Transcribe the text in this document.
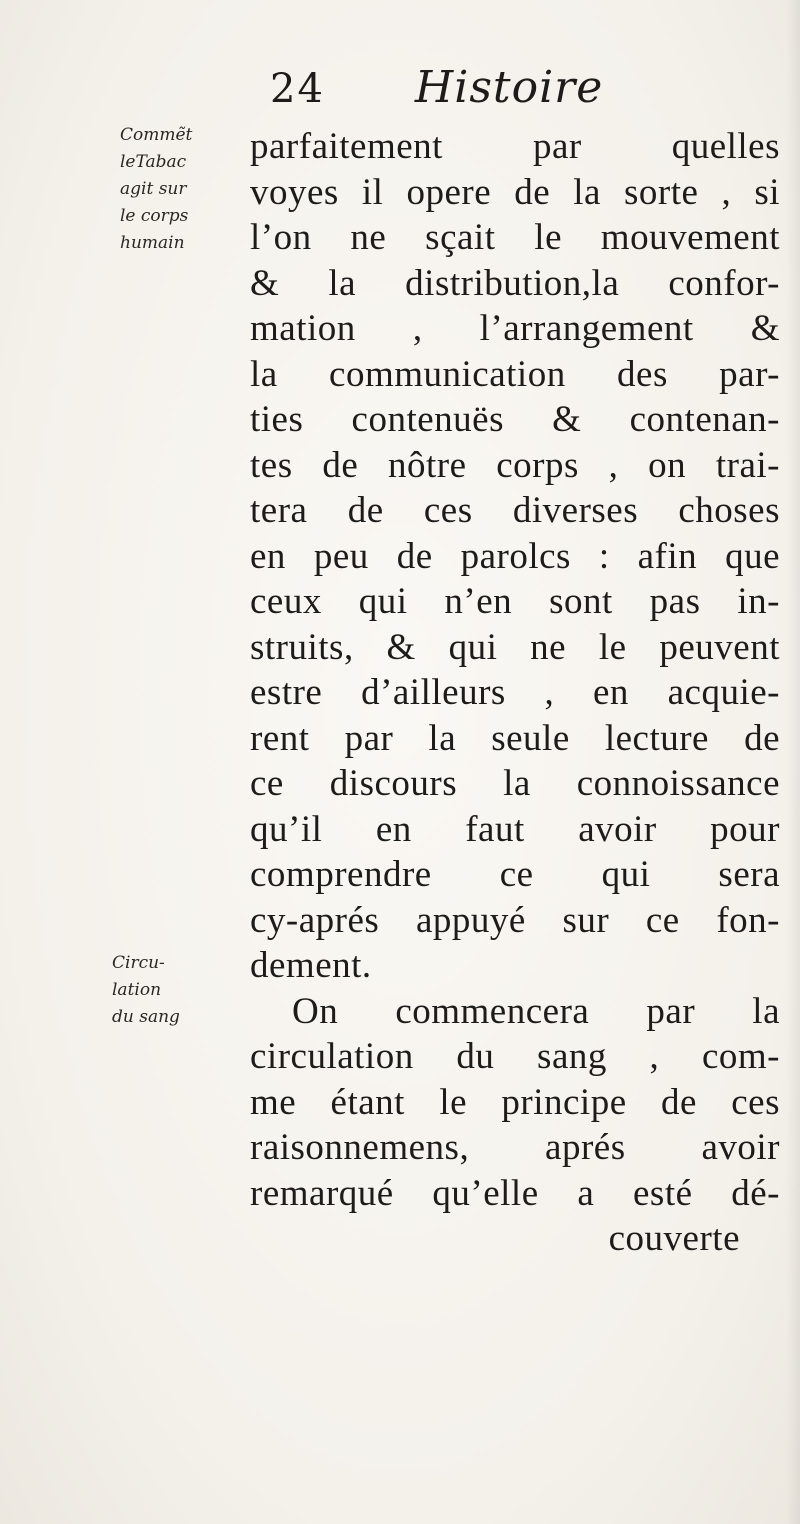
24 Histoire
Commẽt
leTabac
agit sur
le corps
humain
Circu-
lation
du sang
parfaitement par quelles
voyes il opere de la sorte , si
l’on ne sçait le mouvement
& la distribution,la confor-
mation , l’arrangement &
la communication des par-
ties contenuës & contenan-
tes de nôtre corps , on trai-
tera de ces diverses choses
en peu de parolcs : afin que
ceux qui n’en sont pas in-
struits, & qui ne le peuvent
estre d’ailleurs , en acquie-
rent par la seule lecture de
ce discours la connoissance
qu’il en faut avoir pour
comprendre ce qui sera
cy-aprés appuyé sur ce fon-
dement.
On commencera par la
circulation du sang , com-
me étant le principe de ces
raisonnemens, aprés avoir
remarqué qu’elle a esté dé-
couverte
